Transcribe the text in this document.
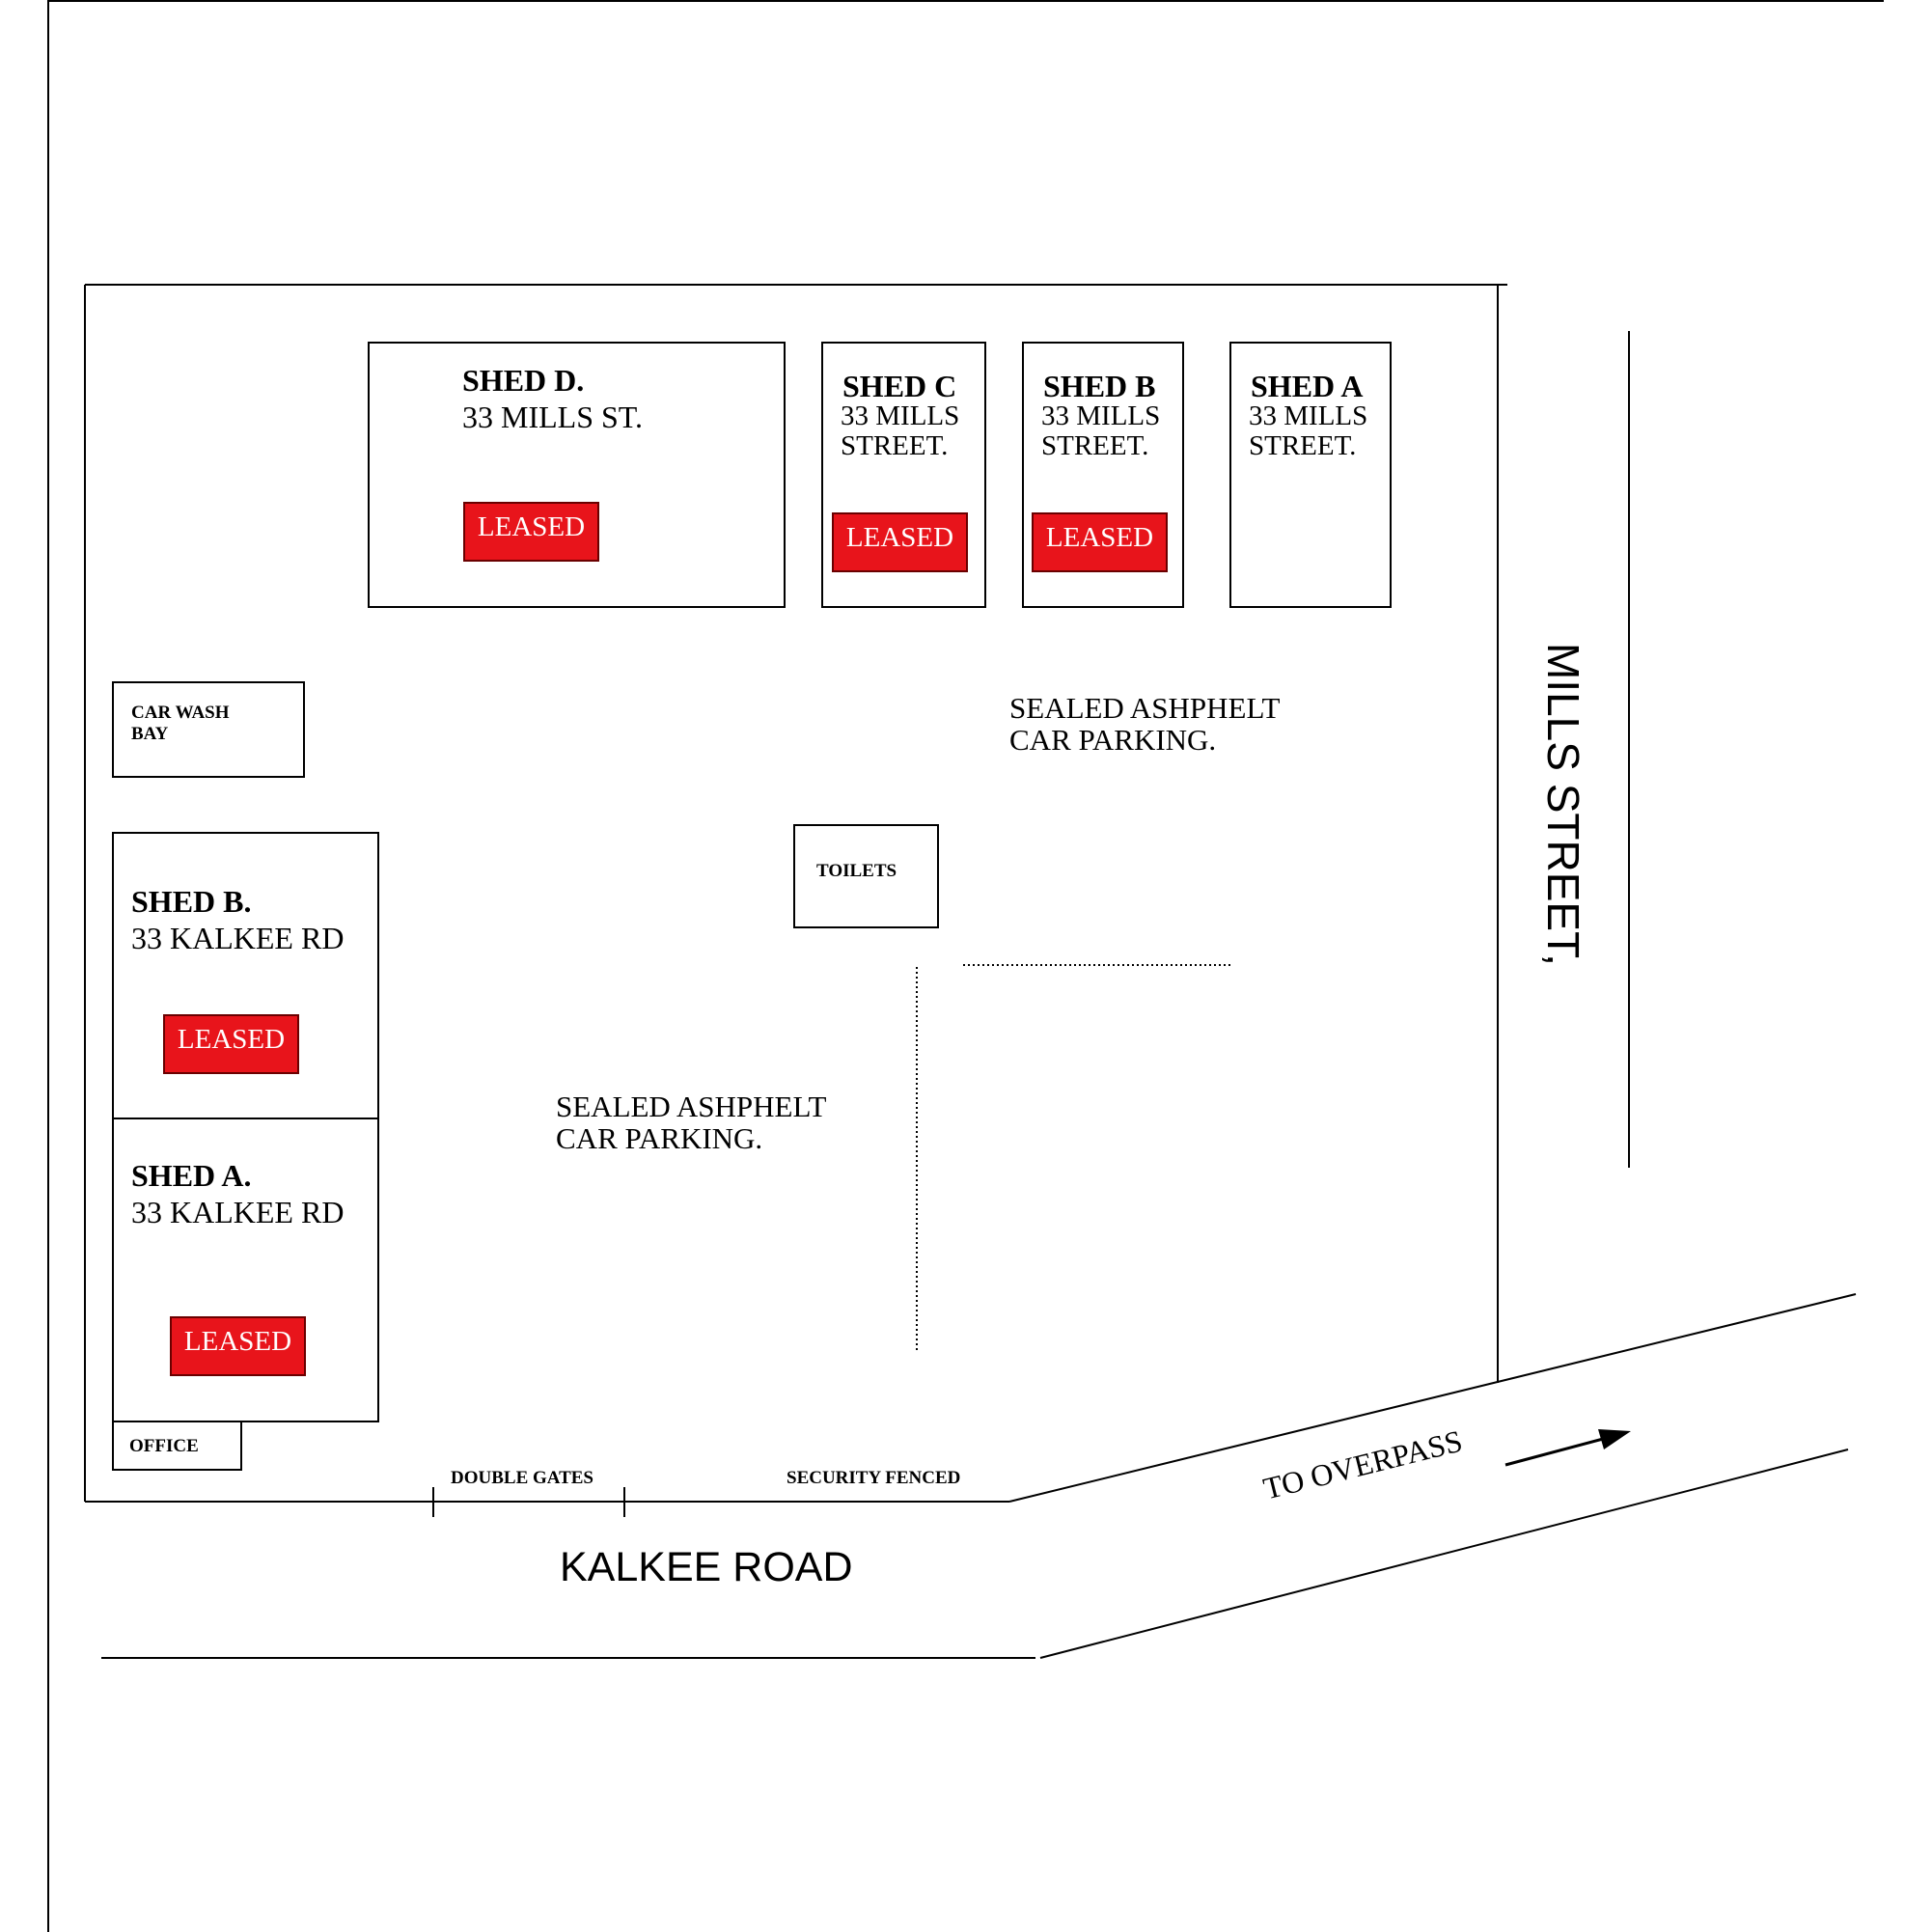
SHED D.
33 MILLS ST.
LEASED
SHED C
33 MILLS
STREET.
LEASED
SHED B
33 MILLS
STREET.
LEASED
SHED A
33 MILLS
STREET.
CAR WASH
BAY
SHED B.
33 KALKEE RD
LEASED
SHED A.
33 KALKEE RD
LEASED
OFFICE
TOILETS
SEALED ASHPHELT
CAR PARKING.
SEALED ASHPHELT
CAR PARKING.
DOUBLE GATES	SECURITY FENCED
KALKEE ROAD
MILLS STREET,
TO OVERPASS
